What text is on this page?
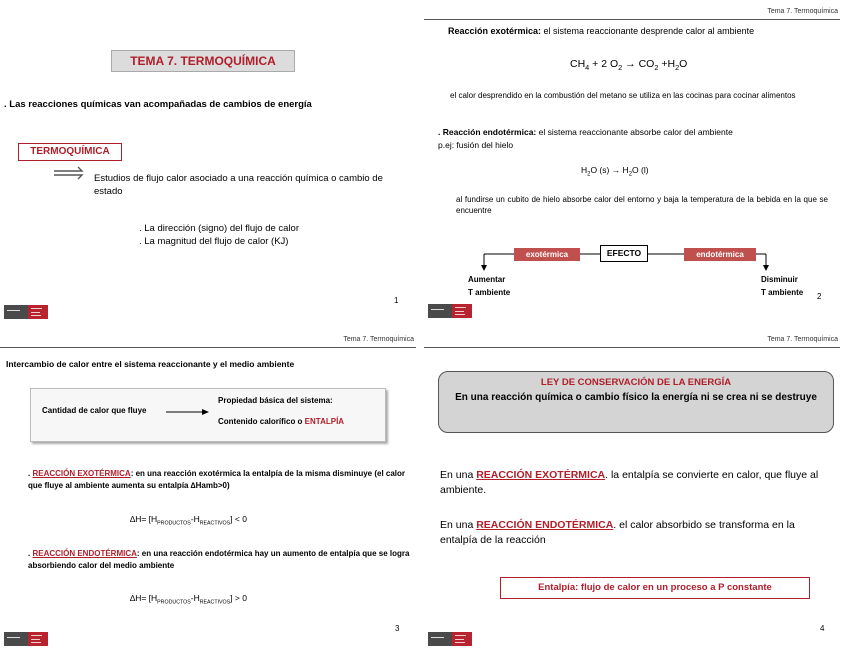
TEMA 7. TERMOQUÍMICA
. Las reacciones químicas van acompañadas de cambios de energía
TERMOQUÍMICA
Estudios de flujo calor asociado a una reacción química o cambio de estado
. La dirección (signo) del flujo de calor
. La magnitud del flujo de calor (KJ)
1
Tema 7. Termoquímica
Reacción exotérmica: el sistema reaccionante desprende calor al ambiente
$CH_4 + 2$ $O_2 \to CO_2 +H_2O$
el calor desprendido en la combustión del metano se utiliza en las cocinas para cocinar alimentos
. Reacción endotérmica: el sistema reaccionante absorbe calor del ambiente
p.ej: fusión del hielo
$H_2O$ $(s) \to H_2O$ (l)
al fundirse un cubito de hielo absorbe calor del entorno y baja la temperatura de la bebida en la que se encuentre
exotérmica	EFECTO	endotérmica
Aumentar
T ambiente
Disminuir
T ambiente 2
Tema 7. Termoquímica
Intercambio de calor entre el sistema reaccionante y el medio ambiente
Cantidad de calor que fluye
Propiedad básica del sistema:
Contenido calorífico o ENTALPÍA
. REACCIÓN EXOTÉRMICA: en una reacción exotérmica la entalpía de la misma disminuye (el calor que fluye al ambiente aumenta su entalpía ∆Hamb>0)
$\Delta H= [H_{PRODUCTOS}-H_{REACTIVOS}] < 0$
. REACCIÓN ENDOTÉRMICA: en una reacción endotérmica hay un aumento de entalpía que se logra absorbiendo calor del medio ambiente
$\Delta H= [H_{PRODUCTOS}-H_{REACTIVOS}] > 0$
3
Tema 7. Termoquímica
LEY DE CONSERVACIÓN DE LA ENERGÍA
En una reacción química o cambio físico la energía ni se crea ni se destruye
En una REACCIÓN EXOTÉRMICA. la entalpía se convierte en calor, que fluye al ambiente.
En una REACCIÓN ENDOTÉRMICA. el calor absorbido se transforma en la entalpía de la reacción
Entalpía: flujo de calor en un proceso a P constante
4
